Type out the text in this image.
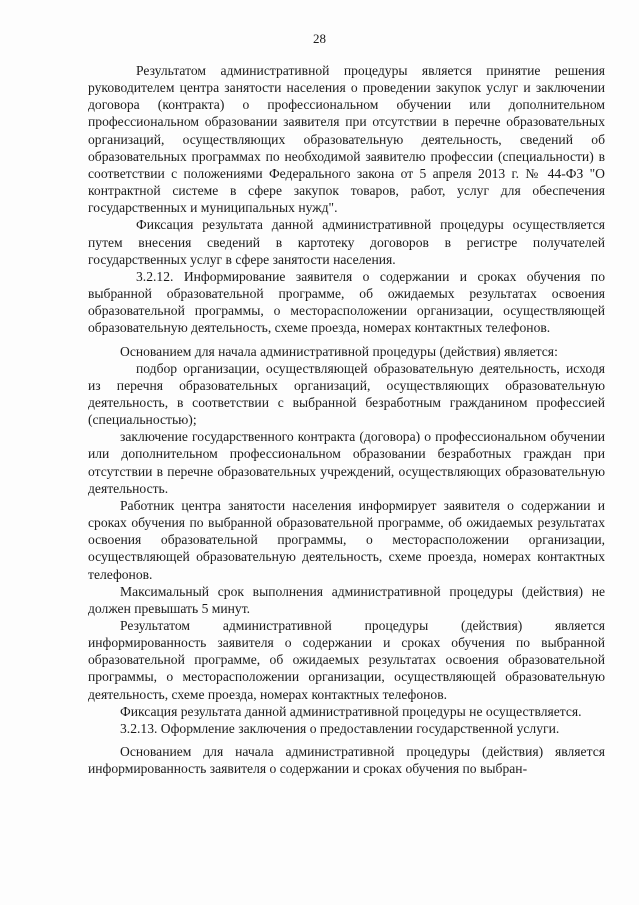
28

Результатом административной процедуры является принятие решения руководителем центра занятости населения о проведении закупок услуг и заключении договора (контракта) о профессиональном обучении или дополнительном профессиональном образовании заявителя при отсутствии в перечне образовательных организаций, осуществляющих образовательную деятельность, сведений об образовательных программах по необходимой заявителю профессии (специальности) в соответствии с положениями Федерального закона от 5 апреля 2013 г. № 44-ФЗ "О контрактной системе в сфере закупок товаров, работ, услуг для обеспечения государственных и муниципальных нужд".

Фиксация результата данной административной процедуры осуществляется путем внесения сведений в картотеку договоров в регистре получателей государственных услуг в сфере занятости населения.

3.2.12. Информирование заявителя о содержании и сроках обучения по выбранной образовательной программе, об ожидаемых результатах освоения образовательной программы, о месторасположении организации, осуществляющей образовательную деятельность, схеме проезда, номерах контактных телефонов.

Основанием для начала административной процедуры (действия) является:

подбор организации, осуществляющей образовательную деятельность, исходя из перечня образовательных организаций, осуществляющих образовательную деятельность, в соответствии с выбранной безработным гражданином профессией (специальностью);

заключение государственного контракта (договора) о профессиональном обучении или дополнительном профессиональном образовании безработных граждан при отсутствии в перечне образовательных учреждений, осуществляющих образовательную деятельность.

Работник центра занятости населения информирует заявителя о содержании и сроках обучения по выбранной образовательной программе, об ожидаемых результатах освоения образовательной программы, о месторасположении организации, осуществляющей образовательную деятельность, схеме проезда, номерах контактных телефонов.

Максимальный срок выполнения административной процедуры (действия) не должен превышать 5 минут.

Результатом административной процедуры (действия) является информированность заявителя о содержании и сроках обучения по выбранной образовательной программе, об ожидаемых результатах освоения образовательной программы, о месторасположении организации, осуществляющей образовательную деятельность, схеме проезда, номерах контактных телефонов.

Фиксация результата данной административной процедуры не осуществляется.

3.2.13. Оформление заключения о предоставлении государственной услуги.

Основанием для начала административной процедуры (действия) является информированность заявителя о содержании и сроках обучения по выбран-
